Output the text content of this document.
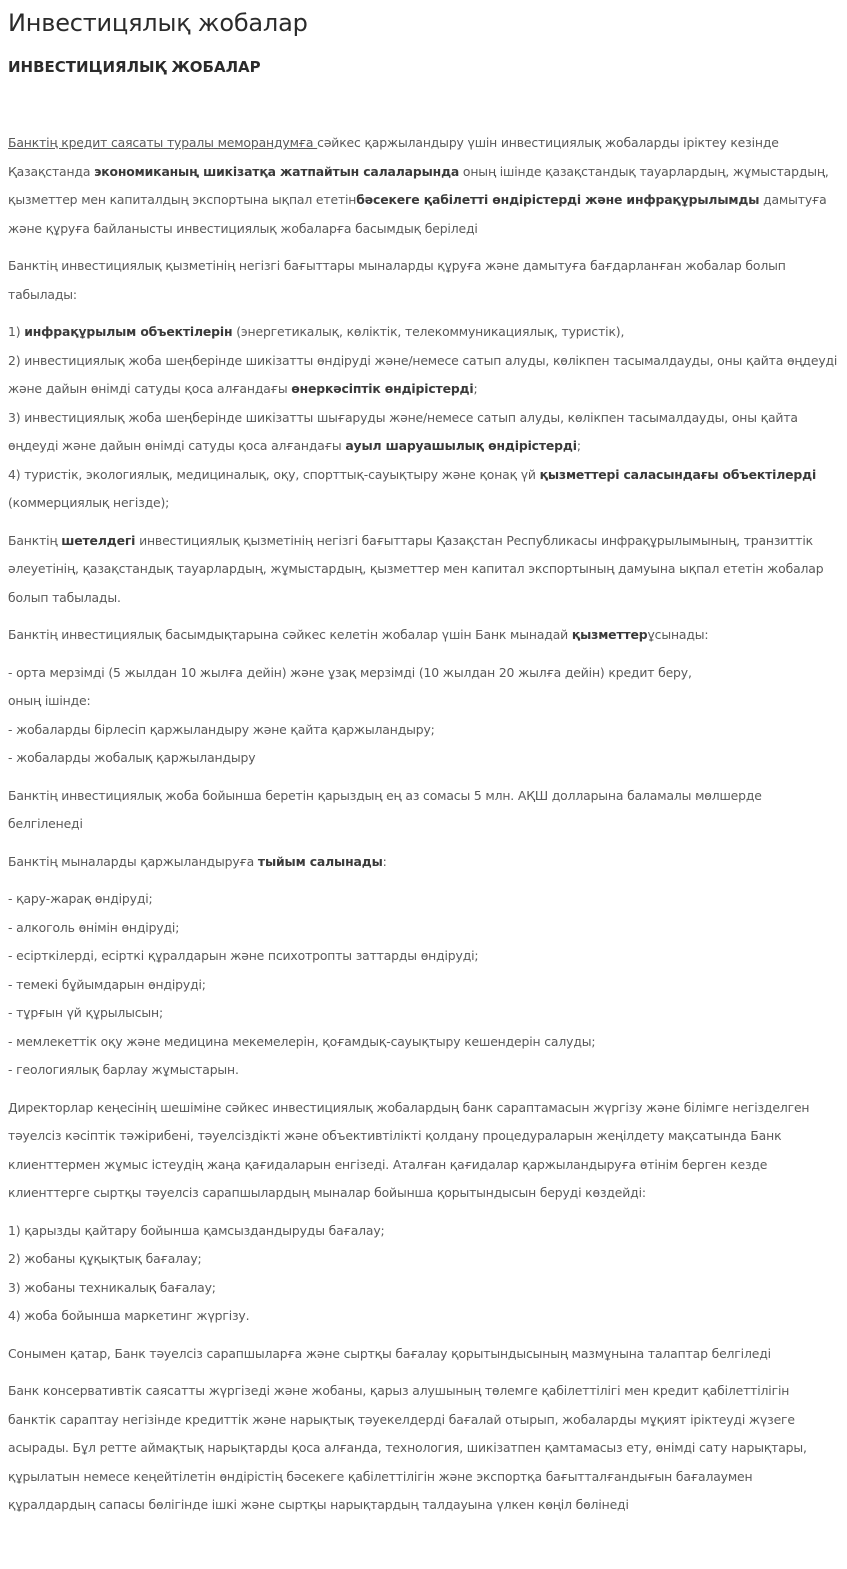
Инвестицялық жобалар
ИНВЕСТИЦИЯЛЫҚ ЖОБАЛАР

Банктің кредит саясаты туралы меморандумға сәйкес қаржыландыру үшін инвестициялық жобаларды іріктеу кезінде Қазақстанда экономиканың шикізатқа жатпайтын салаларында оның ішінде қазақстандық тауарлардың, жұмыстардың, қызметтер мен капиталдың экспортына ықпал ететінбәсекеге қабілетті өндірістерді және инфрақұрылымды дамытуға және құруға байланысты инвестициялық жобаларға басымдық беріледі

Банктің инвестициялық қызметінің негізгі бағыттары мыналарды құруға және дамытуға бағдарланған жобалар болып табылады:

1) инфрақұрылым объектілерін (энергетикалық, көліктік, телекоммуникациялық, туристік),
2) инвестициялық жоба шеңберінде шикізатты өндіруді және/немесе сатып алуды, көлікпен тасымалдауды, оны қайта өңдеуді және дайын өнімді сатуды қоса алғандағы өнеркәсіптік өндірістерді;
3) инвестициялық жоба шеңберінде шикізатты шығаруды және/немесе сатып алуды, көлікпен тасымалдауды, оны қайта өңдеуді және дайын өнімді сатуды қоса алғандағы ауыл шаруашылық өндірістерді;
4) туристік, экологиялық, медициналық, оқу, спорттық-сауықтыру және қонақ үй қызметтері саласындағы объектілерді (коммерциялық негізде);

Банктің шетелдегі инвестициялық қызметінің негізгі бағыттары Қазақстан Республикасы инфрақұрылымының, транзиттік әлеуетінің, қазақстандық тауарлардың, жұмыстардың, қызметтер мен капитал экспортының дамуына ықпал ететін жобалар болып табылады.

Банктің инвестициялық басымдықтарына сәйкес келетін жобалар үшін Банк мынадай қызметтерұсынады:

- орта мерзімді (5 жылдан 10 жылға дейін) және ұзақ мерзімді (10 жылдан 20 жылға дейін) кредит беру,
оның ішінде:
- жобаларды бірлесіп қаржыландыру және қайта қаржыландыру;
- жобаларды жобалық қаржыландыру

Банктің инвестициялық жоба бойынша беретін қарыздың ең аз сомасы 5 млн. АҚШ долларына баламалы мөлшерде белгіленеді

Банктің мыналарды қаржыландыруға тыйым салынады:

- қару-жарақ өндіруді;
- алкоголь өнімін өндіруді;
- есірткілерді, есірткі құралдарын және психотропты заттарды өндіруді;
- темекі бұйымдарын өндіруді;
- тұрғын үй құрылысын;
- мемлекеттік оқу және медицина мекемелерін, қоғамдық-сауықтыру кешендерін салуды;
- геологиялық барлау жұмыстарын.

Директорлар кеңесінің шешіміне сәйкес инвестициялық жобалардың банк сараптамасын жүргізу және білімге негізделген тәуелсіз кәсіптік тәжірибені, тәуелсіздікті және объективтілікті қолдану процедураларын жеңілдету мақсатында Банк клиенттермен жұмыс істеудің жаңа қағидаларын енгізеді. Аталған қағидалар қаржыландыруға өтінім берген кезде клиенттерге сыртқы тәуелсіз сарапшылардың мыналар бойынша қорытындысын беруді көздейді:

1) қарызды қайтару бойынша қамсыздандыруды бағалау;
2) жобаны құқықтық бағалау;
3) жобаны техникалық бағалау;
4) жоба бойынша маркетинг жүргізу.

Сонымен қатар, Банк тәуелсіз сарапшыларға және сыртқы бағалау қорытындысының мазмұнына талаптар белгіледі

Банк консервативтік саясатты жүргізеді және жобаны, қарыз алушының төлемге қабілеттілігі мен кредит қабілеттілігін банктік сараптау негізінде кредиттік және нарықтық тәуекелдерді бағалай отырып, жобаларды мұқият іріктеуді жүзеге асырады. Бұл ретте аймақтық нарықтарды қоса алғанда, технология, шикізатпен қамтамасыз ету, өнімді сату нарықтары, құрылатын немесе кеңейтілетін өндірістің бәсекеге қабілеттілігін және экспортқа бағытталғандығын бағалаумен құралдардың сапасы бөлігінде ішкі және сыртқы нарықтардың талдауына үлкен көңіл бөлінеді
